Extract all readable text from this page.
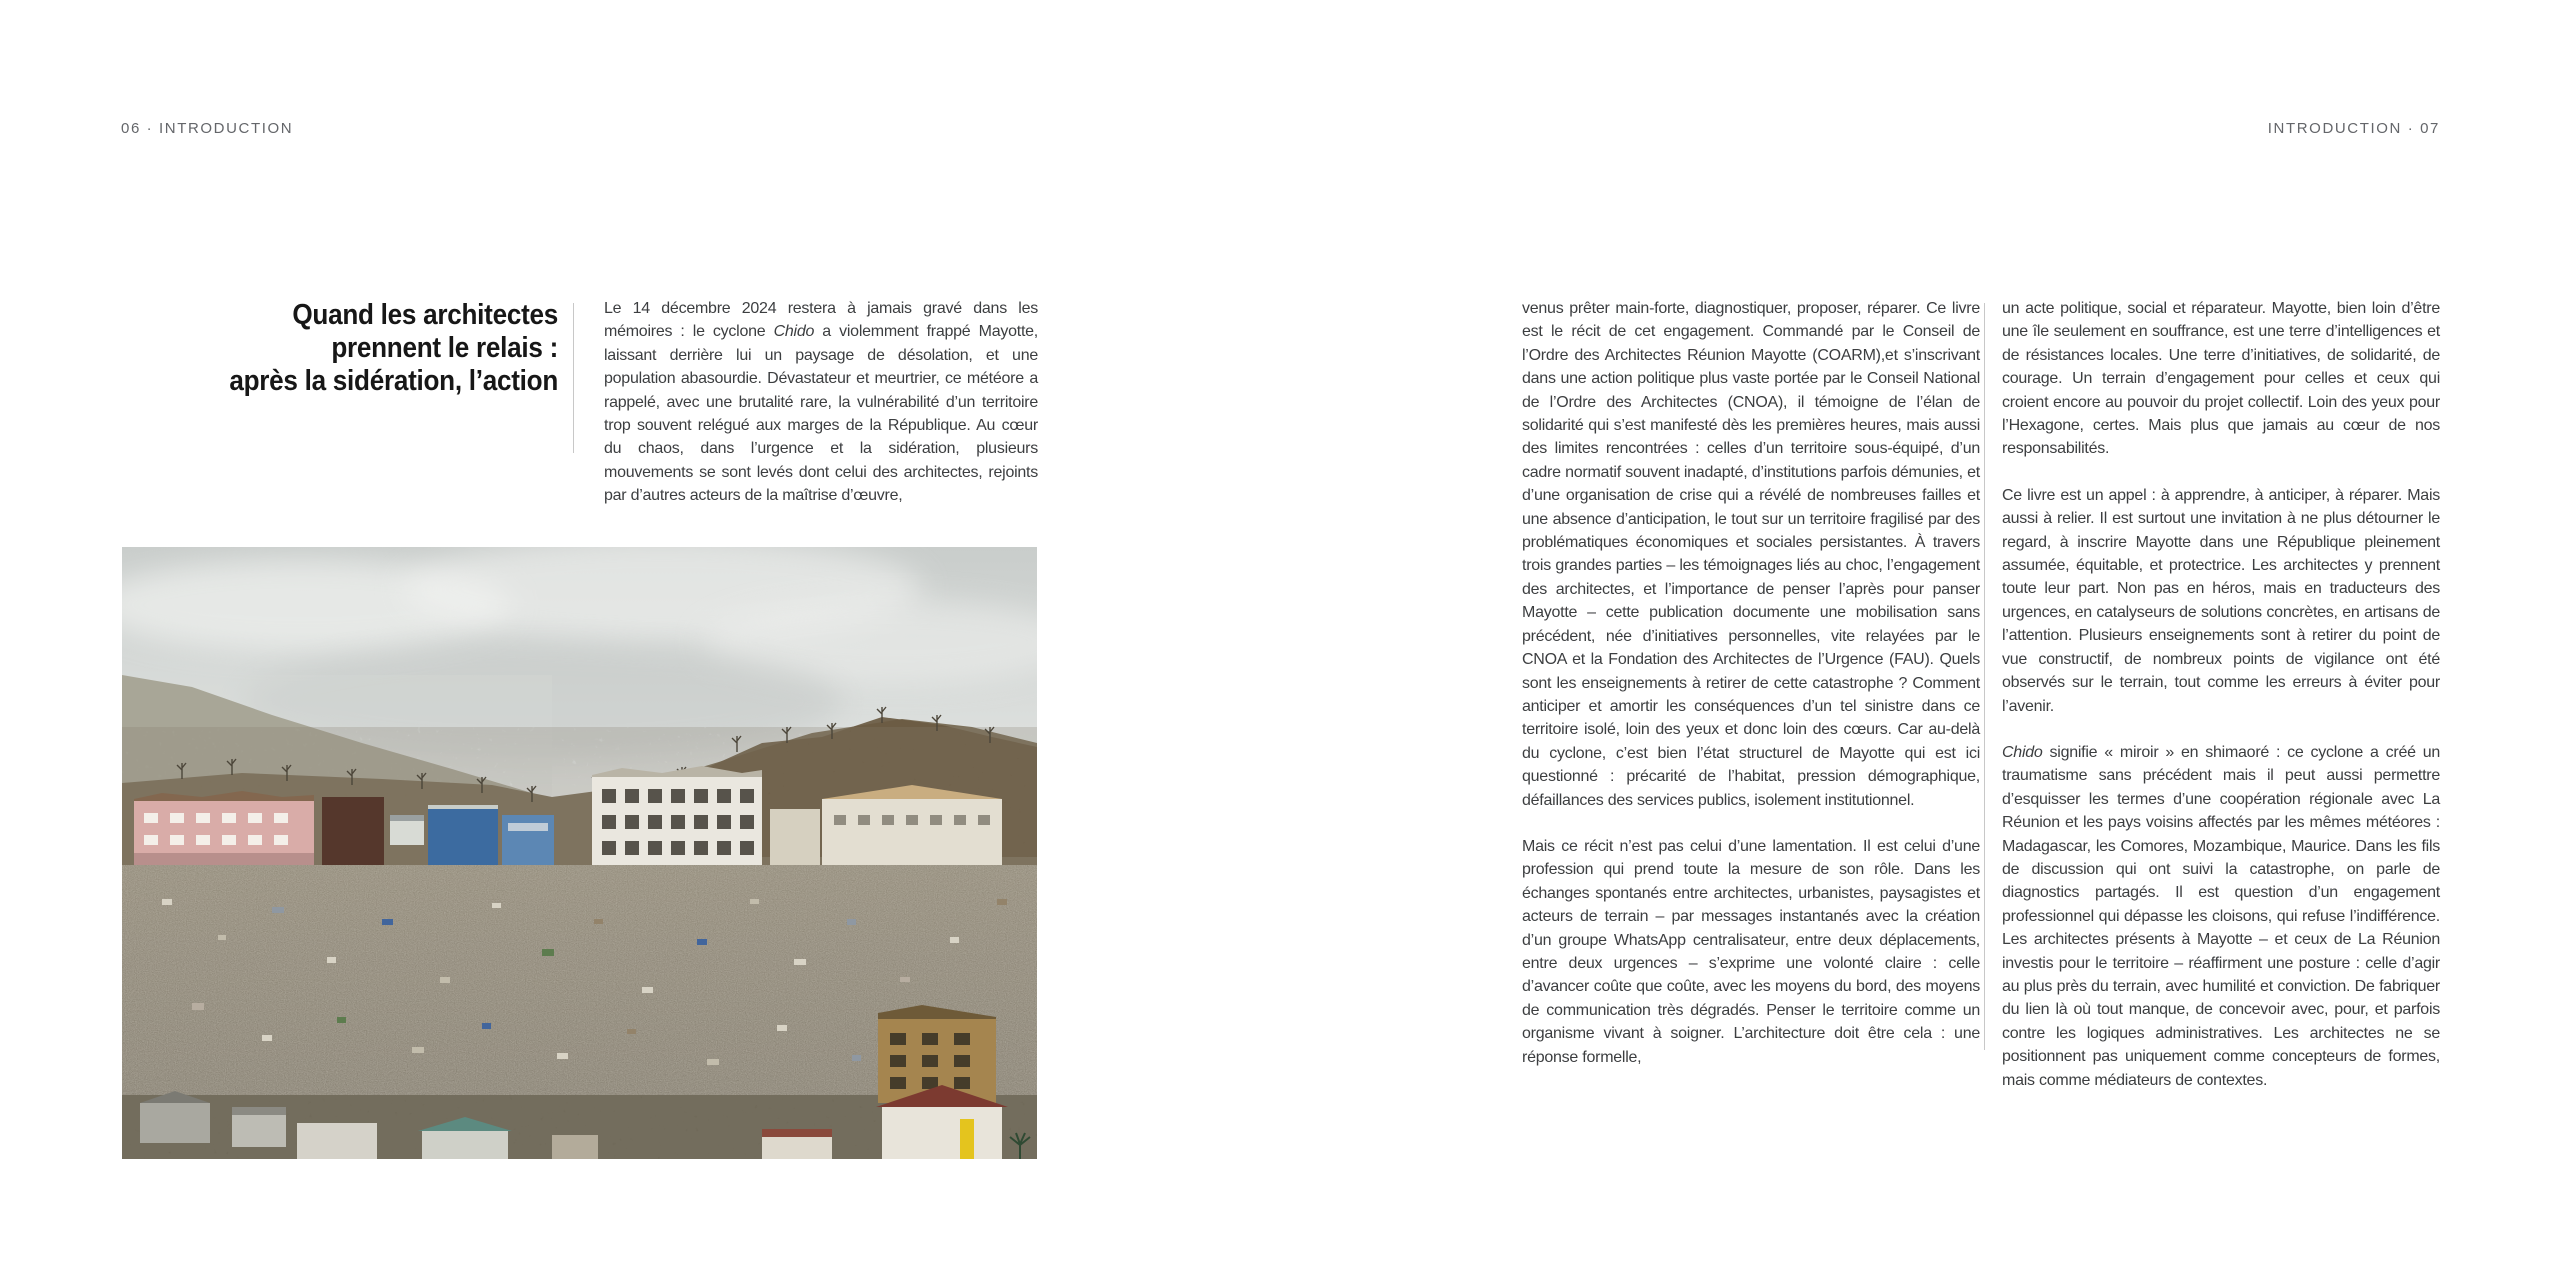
06 · INTRODUCTION
Quand les architectes
prennent le relais :
après la sidération, l’action

Le 14 décembre 2024 restera à jamais gravé dans les mémoires : le cyclone Chido a violemment frappé Mayotte, laissant derrière lui un paysage de désolation, et une population abasourdie. Dévastateur et meurtrier, ce météore a rappelé, avec une brutalité rare, la vulnérabilité d’un territoire trop souvent relégué aux marges de la République. Au cœur du chaos, dans l’urgence et la sidération, plusieurs mouvements se sont levés dont celui des architectes, rejoints par d’autres acteurs de la maîtrise d’œuvre,

INTRODUCTION · 07

venus prêter main-forte, diagnostiquer, proposer, réparer. Ce livre est le récit de cet engagement. Commandé par le Conseil de l’Ordre des Architectes Réunion Mayotte (COARM),et s’inscrivant dans une action politique plus vaste portée par le Conseil National de l’Ordre des Architectes (CNOA), il témoigne de l’élan de solidarité qui s’est manifesté dès les premières heures, mais aussi des limites rencontrées : celles d’un territoire sous-équipé, d’un cadre normatif souvent inadapté, d’institutions parfois démunies, et d’une organisation de crise qui a révélé de nombreuses failles et une absence d’anticipation, le tout sur un territoire fragilisé par des problématiques économiques et sociales persistantes. À travers trois grandes parties – les témoignages liés au choc, l’engagement des architectes, et l’importance de penser l’après pour panser Mayotte – cette publication documente une mobilisation sans précédent, née d’initiatives personnelles, vite relayées par le CNOA et la Fondation des Architectes de l’Urgence (FAU). Quels sont les enseignements à retirer de cette catastrophe ? Comment anticiper et amortir les conséquences d’un tel sinistre dans ce territoire isolé, loin des yeux et donc loin des cœurs. Car au-delà du cyclone, c’est bien l’état structurel de Mayotte qui est ici questionné : précarité de l’habitat, pression démographique, défaillances des services publics, isolement institutionnel.

Mais ce récit n’est pas celui d’une lamentation. Il est celui d’une profession qui prend toute la mesure de son rôle. Dans les échanges spontanés entre architectes, urbanistes, paysagistes et acteurs de terrain – par messages instantanés avec la création d’un groupe WhatsApp centralisateur, entre deux déplacements, entre deux urgences – s’exprime une volonté claire : celle d’avancer coûte que coûte, avec les moyens du bord, des moyens de communication très dégradés. Penser le territoire comme un organisme vivant à soigner. L’architecture doit être cela : une réponse formelle,

un acte politique, social et réparateur. Mayotte, bien loin d’être une île seulement en souffrance, est une terre d’intelligences et de résistances locales. Une terre d’initiatives, de solidarité, de courage. Un terrain d’engagement pour celles et ceux qui croient encore au pouvoir du projet collectif. Loin des yeux pour l’Hexagone, certes. Mais plus que jamais au cœur de nos responsabilités.

Ce livre est un appel : à apprendre, à anticiper, à réparer. Mais aussi à relier. Il est surtout une invitation à ne plus détourner le regard, à inscrire Mayotte dans une République pleinement assumée, équitable, et protectrice. Les architectes y prennent toute leur part. Non pas en héros, mais en traducteurs des urgences, en catalyseurs de solutions concrètes, en artisans de l’attention. Plusieurs enseignements sont à retirer du point de vue constructif, de nombreux points de vigilance ont été observés sur le terrain, tout comme les erreurs à éviter pour l’avenir.

Chido signifie « miroir » en shimaoré : ce cyclone a créé un traumatisme sans précédent mais il peut aussi permettre d’esquisser les termes d’une coopération régionale avec La Réunion et les pays voisins affectés par les mêmes météores : Madagascar, les Comores, Mozambique, Maurice. Dans les fils de discussion qui ont suivi la catastrophe, on parle de diagnostics partagés. Il est question d’un engagement professionnel qui dépasse les cloisons, qui refuse l’indifférence. Les architectes présents à Mayotte – et ceux de La Réunion investis pour le territoire – réaffirment une posture : celle d’agir au plus près du terrain, avec humilité et conviction. De fabriquer du lien là où tout manque, de concevoir avec, pour, et parfois contre les logiques administratives. Les architectes ne se positionnent pas uniquement comme concepteurs de formes, mais comme médiateurs de contextes.
